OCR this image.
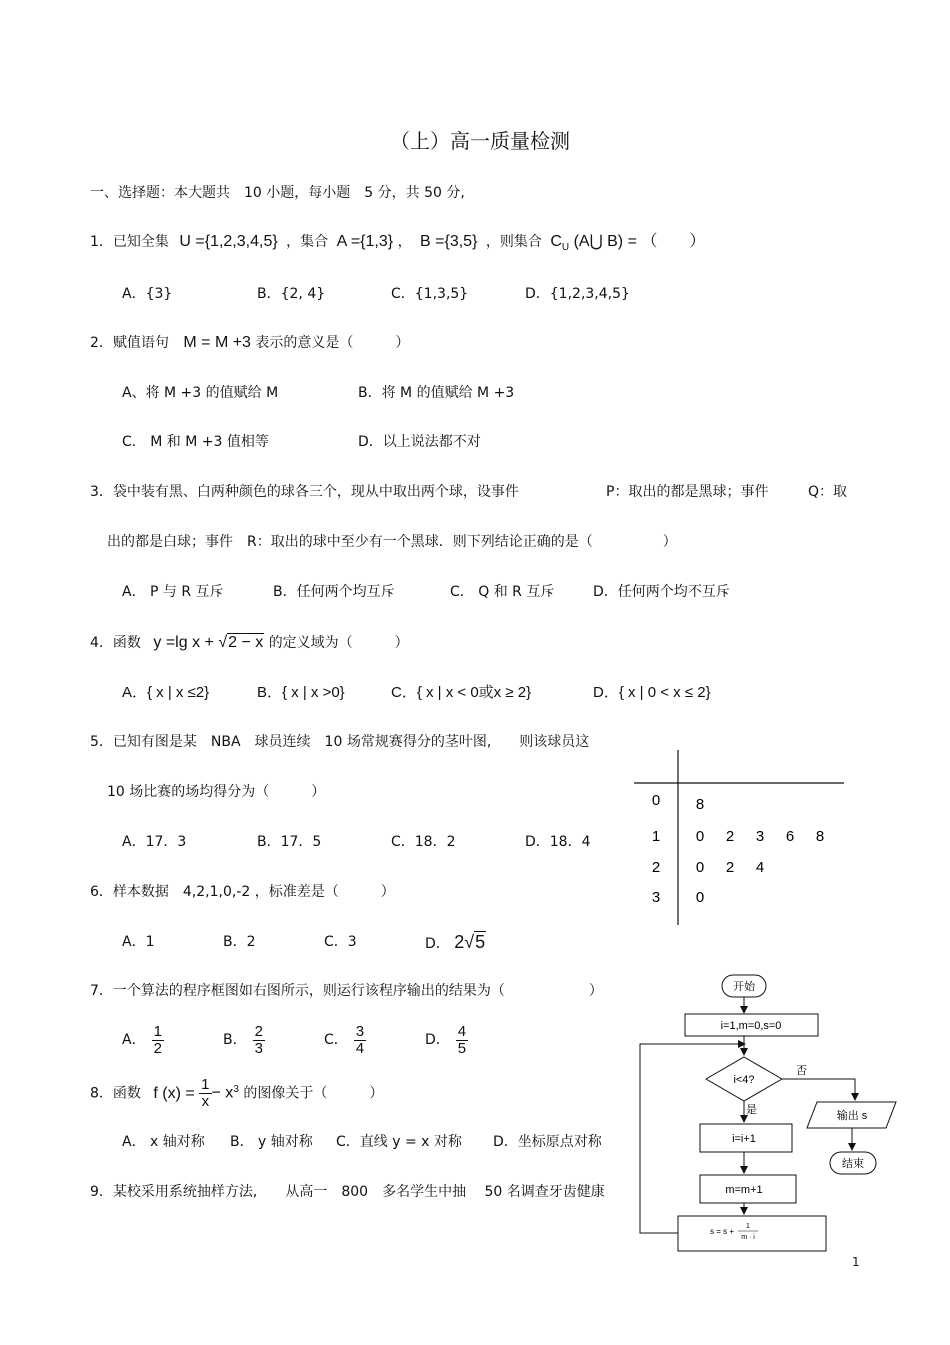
（上）高一质量检测
一、选择题：本大题共　10 小题，每小题　5 分，共 50 分,
1．已知全集 U ={1,2,3,4,5} ，集合 A ={1,3} ， B ={3,5} ，则集合 $C_U$ (A⋃ B) = （　　）
A．{3}	B．{2, 4}	C．{1,3,5}	D．{1,2,3,4,5}
2．赋值语句 M = M +3 表示的意义是（　　　）
A、将 M +3 的值赋给 M	B．将 M 的值赋给 M +3
C． M 和 M +3 值相等	D．以上说法都不对
3．袋中装有黑、白两种颜色的球各三个，现从中取出两个球，设事件	P：取出的都是黑球；事件	Q：取
出的都是白球；事件　R：取出的球中至少有一个黑球．则下列结论正确的是（　　　　　）
A． P 与 R 互斥	B．任何两个均互斥	C． Q 和 R 互斥	D．任何两个均不互斥
4．函数 y =lg x + √2 − x 的定义域为（　　　）
A．{ x | x ≤2}	B．{ x | x >0}	C．{ x | x < 0或x ≥ 2}	D．{ x | 0 < x ≤ 2}
5．已知有图是某　NBA　球员连续　10 场常规赛得分的茎叶图,　　则该球员这
10 场比赛的场均得分为（　　　）
A．17．3	B．17．5	C．18．2	D．18．4
0 8
1 0 2 3 6 8
2 0 2 4
3 0
6．样本数据　4,2,1,0,-2 ，标准差是（　　　）
A．1	B．2	C．3	D． 2√5
7．一个算法的程序框图如右图所示，则运行该程序输出的结果为（　　　　　　）
A． $\frac{1}{2}$	B． $\frac{2}{3}$	C． $\frac{3}{4}$	D． $\frac{4}{5}$
8．函数 f $(x) = \frac{1}{x} - x^3$ 的图像关于（　　　）
A． x 轴对称 B． y 轴对称 C．直线 y = x 对称 D．坐标原点对称
9．某校采用系统抽样方法,　　从高一　800　多名学生中抽　 50 名调查牙齿健康
开始
i=1,m=0,s=0
i<4?
否
输出 s
结束
是
i=i+1
m=m+1
s = s +
1
m · i
1
